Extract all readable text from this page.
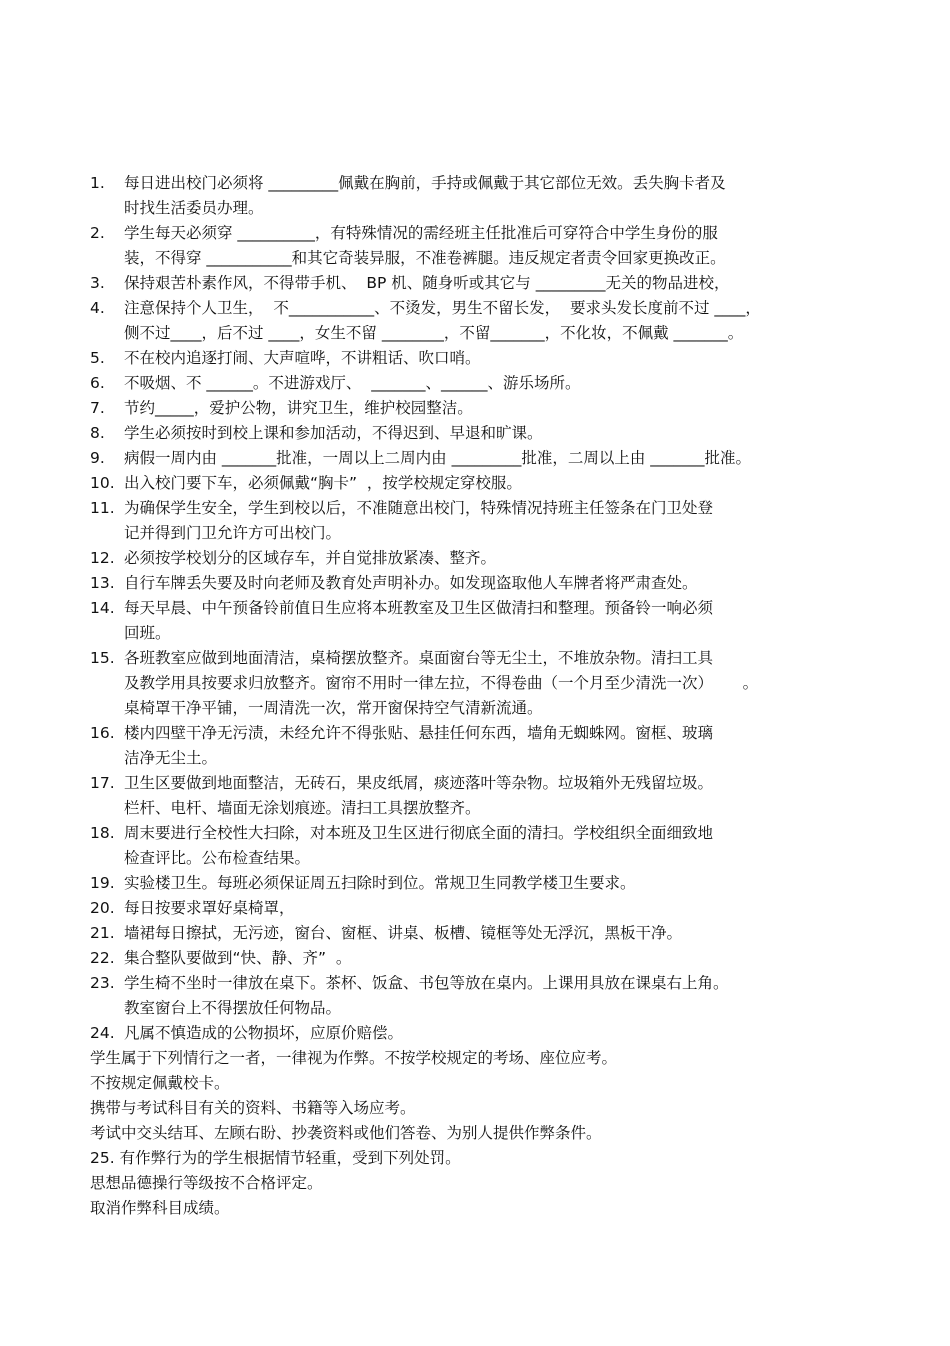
1.	每日进出校门必须将 _________佩戴在胸前，手持或佩戴于其它部位无效。丢失胸卡者及
时找生活委员办理。
2.	学生每天必须穿 __________，有特殊情况的需经班主任批准后可穿符合中学生身份的服
装，不得穿 ___________和其它奇装异服，不准卷裤腿。违反规定者责令回家更换改正。
3.	保持艰苦朴素作风，不得带手机、  BP 机、随身听或其它与 _________无关的物品进校，
4.	注意保持个人卫生，  不___________、不烫发，男生不留长发，  要求头发长度前不过 ____，
侧不过____，后不过 ____，女生不留 ________，不留_______，不化妆，不佩戴 _______。
5.	不在校内追逐打闹、大声喧哗，不讲粗话、吹口哨。
6.	不吸烟、不 ______。不进游戏厅、  _______、______、游乐场所。
7.	节约_____，爱护公物，讲究卫生，维护校园整洁。
8.	学生必须按时到校上课和参加活动，不得迟到、早退和旷课。
9.	病假一周内由 _______批准，一周以上二周内由 _________批准，二周以上由 _______批准。
10. 出入校门要下车，必须佩戴“胸卡”  ，按学校规定穿校服。
11. 为确保学生安全，学生到校以后，不准随意出校门，特殊情况持班主任签条在门卫处登
记并得到门卫允许方可出校门。
12. 必须按学校划分的区域存车，并自觉排放紧凑、整齐。
13. 自行车牌丢失要及时向老师及教育处声明补办。如发现盗取他人车牌者将严肃查处。
14. 每天早晨、中午预备铃前值日生应将本班教室及卫生区做清扫和整理。预备铃一响必须
回班。
15. 各班教室应做到地面清洁，桌椅摆放整齐。桌面窗台等无尘土，不堆放杂物。清扫工具
及教学用具按要求归放整齐。窗帘不用时一律左拉，不得卷曲（一个月至少清洗一次）      。
桌椅罩干净平铺，一周清洗一次，常开窗保持空气清新流通。
16. 楼内四壁干净无污渍，未经允许不得张贴、悬挂任何东西，墙角无蜘蛛网。窗框、玻璃
洁净无尘土。
17. 卫生区要做到地面整洁，无砖石，果皮纸屑，痰迹落叶等杂物。垃圾箱外无残留垃圾。
栏杆、电杆、墙面无涂划痕迹。清扫工具摆放整齐。
18. 周末要进行全校性大扫除，对本班及卫生区进行彻底全面的清扫。学校组织全面细致地
检查评比。公布检查结果。
19. 实验楼卫生。每班必须保证周五扫除时到位。常规卫生同教学楼卫生要求。
20. 每日按要求罩好桌椅罩，
21. 墙裙每日擦拭，无污迹，窗台、窗框、讲桌、板槽、镜框等处无浮沉，黑板干净。
22. 集合整队要做到“快、静、齐”  。
23. 学生椅不坐时一律放在桌下。茶杯、饭盒、书包等放在桌内。上课用具放在课桌右上角。
教室窗台上不得摆放任何物品。
24. 凡属不慎造成的公物损坏，应原价赔偿。
学生属于下列情行之一者，一律视为作弊。不按学校规定的考场、座位应考。
不按规定佩戴校卡。
携带与考试科目有关的资料、书籍等入场应考。
考试中交头结耳、左顾右盼、抄袭资料或他们答卷、为别人提供作弊条件。
25. 有作弊行为的学生根据情节轻重，受到下列处罚。
思想品德操行等级按不合格评定。
取消作弊科目成绩。
